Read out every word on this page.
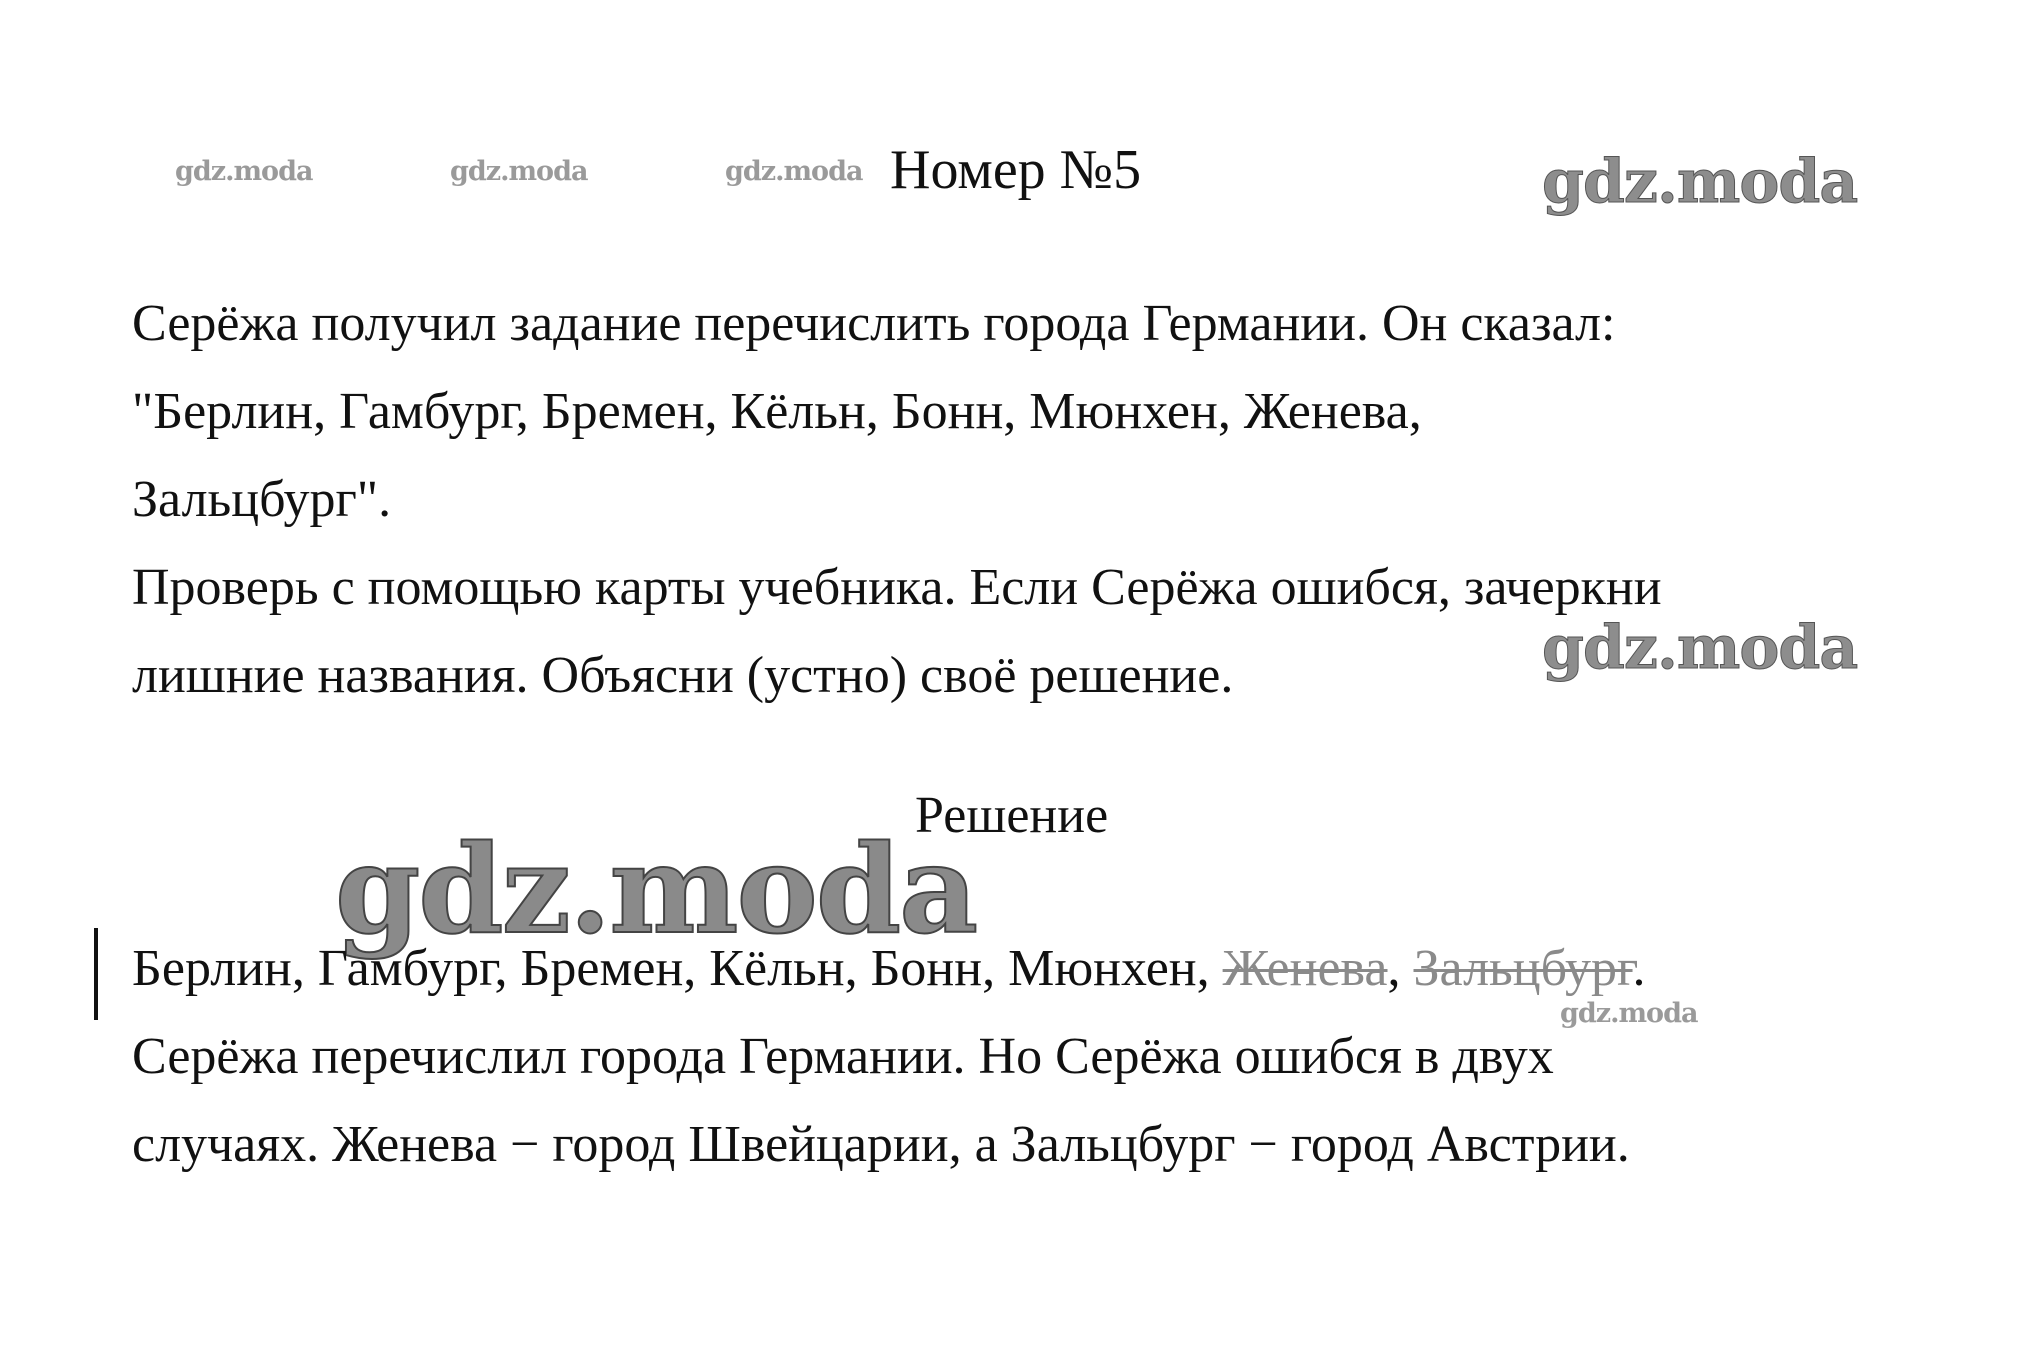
gdz.moda	gdz.moda	gdz.moda	gdz.moda
gdz.moda
gdz.moda
gdz.moda
Номер №5
Серёжа получил задание перечислить города Германии. Он сказал:
"Берлин, Гамбург, Бремен, Кёльн, Бонн, Мюнхен, Женева,
Зальцбург".
Проверь с помощью карты учебника. Если Серёжа ошибся, зачеркни
лишние названия. Объясни (устно) своё решение.
Решение
Берлин, Гамбург, Бремен, Кёльн, Бонн, Мюнхен, Женева, Зальцбург.
Серёжа перечислил города Германии. Но Серёжа ошибся в двух
случаях. Женева − город Швейцарии, а Зальцбург − город Австрии.
